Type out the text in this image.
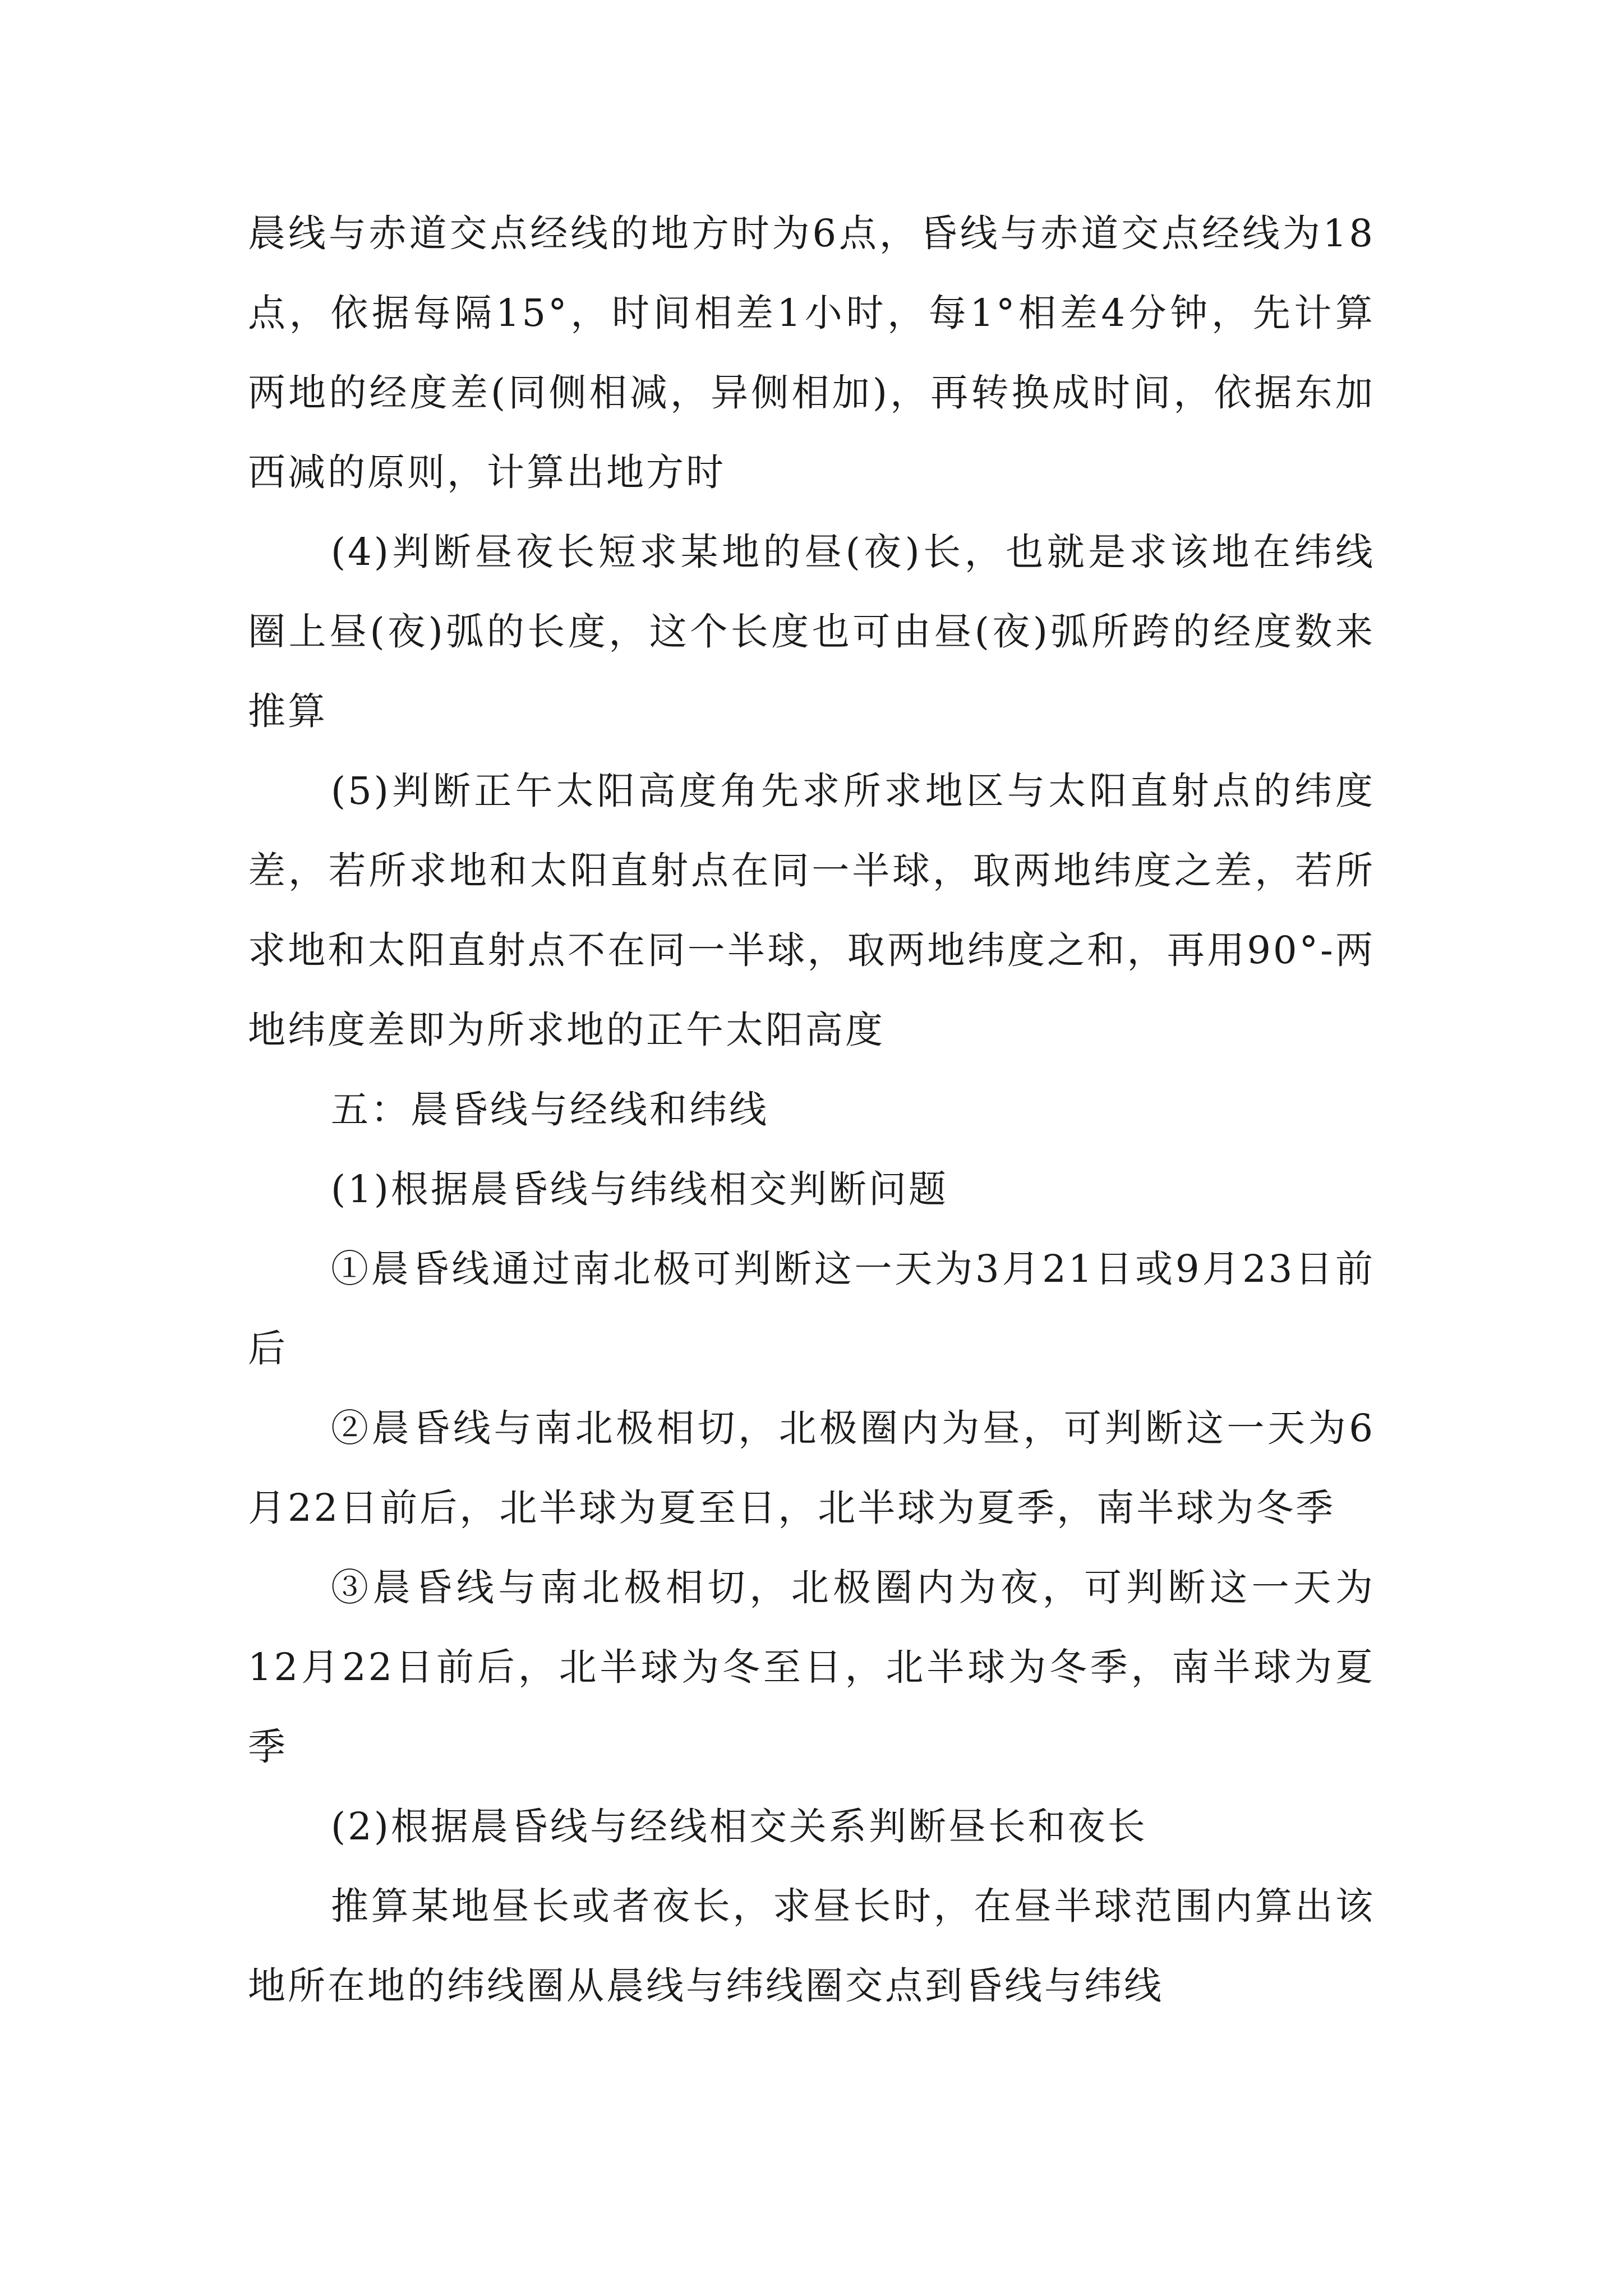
晨线与赤道交点经线的地方时为6点，昏线与赤道交点经线为18点，依据每隔15°，时间相差1小时，每1°相差4分钟，先计算两地的经度差(同侧相减，异侧相加)，再转换成时间，依据东加西减的原则，计算出地方时

(4)判断昼夜长短求某地的昼(夜)长，也就是求该地在纬线圈上昼(夜)弧的长度，这个长度也可由昼(夜)弧所跨的经度数来推算

(5)判断正午太阳高度角先求所求地区与太阳直射点的纬度差，若所求地和太阳直射点在同一半球，取两地纬度之差，若所求地和太阳直射点不在同一半球，取两地纬度之和，再用90°-两地纬度差即为所求地的正午太阳高度

五：晨昏线与经线和纬线

(1)根据晨昏线与纬线相交判断问题

①晨昏线通过南北极可判断这一天为3月21日或9月23日前后

②晨昏线与南北极相切，北极圈内为昼，可判断这一天为6月22日前后，北半球为夏至日，北半球为夏季，南半球为冬季

③晨昏线与南北极相切，北极圈内为夜，可判断这一天为12月22日前后，北半球为冬至日，北半球为冬季，南半球为夏季

(2)根据晨昏线与经线相交关系判断昼长和夜长

推算某地昼长或者夜长，求昼长时，在昼半球范围内算出该地所在地的纬线圈从晨线与纬线圈交点到昏线与纬线
